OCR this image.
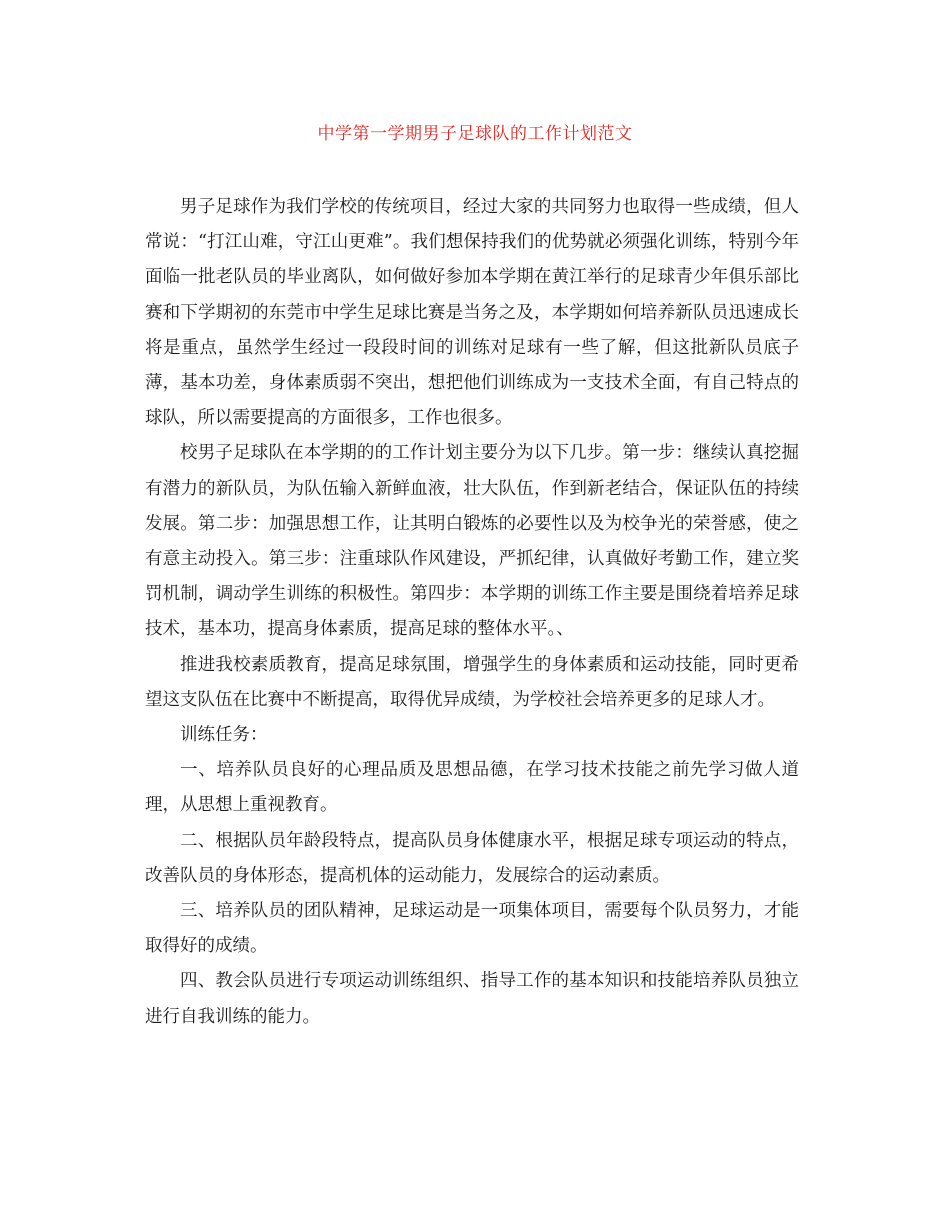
中学第一学期男子足球队的工作计划范文

男子足球作为我们学校的传统项目，经过大家的共同努力也取得一些成绩，但人常说：“打江山难，守江山更难”。我们想保持我们的优势就必须强化训练，特别今年面临一批老队员的毕业离队，如何做好参加本学期在黄江举行的足球青少年俱乐部比赛和下学期初的东莞市中学生足球比赛是当务之及，本学期如何培养新队员迅速成长将是重点，虽然学生经过一段段时间的训练对足球有一些了解，但这批新队员底子薄，基本功差，身体素质弱不突出，想把他们训练成为一支技术全面，有自己特点的球队，所以需要提高的方面很多，工作也很多。

校男子足球队在本学期的的工作计划主要分为以下几步。第一步：继续认真挖掘有潜力的新队员，为队伍输入新鲜血液，壮大队伍，作到新老结合，保证队伍的持续发展。第二步：加强思想工作，让其明白锻炼的必要性以及为校争光的荣誉感，使之有意主动投入。第三步：注重球队作风建设，严抓纪律，认真做好考勤工作，建立奖罚机制，调动学生训练的积极性。第四步：本学期的训练工作主要是围绕着培养足球技术，基本功，提高身体素质，提高足球的整体水平。、

推进我校素质教育，提高足球氛围，增强学生的身体素质和运动技能，同时更希望这支队伍在比赛中不断提高，取得优异成绩，为学校社会培养更多的足球人才。

训练任务：

一、培养队员良好的心理品质及思想品德，在学习技术技能之前先学习做人道理，从思想上重视教育。

二、根据队员年龄段特点，提高队员身体健康水平，根据足球专项运动的特点，改善队员的身体形态，提高机体的运动能力，发展综合的运动素质。

三、培养队员的团队精神，足球运动是一项集体项目，需要每个队员努力，才能取得好的成绩。

四、教会队员进行专项运动训练组织、指导工作的基本知识和技能培养队员独立进行自我训练的能力。
